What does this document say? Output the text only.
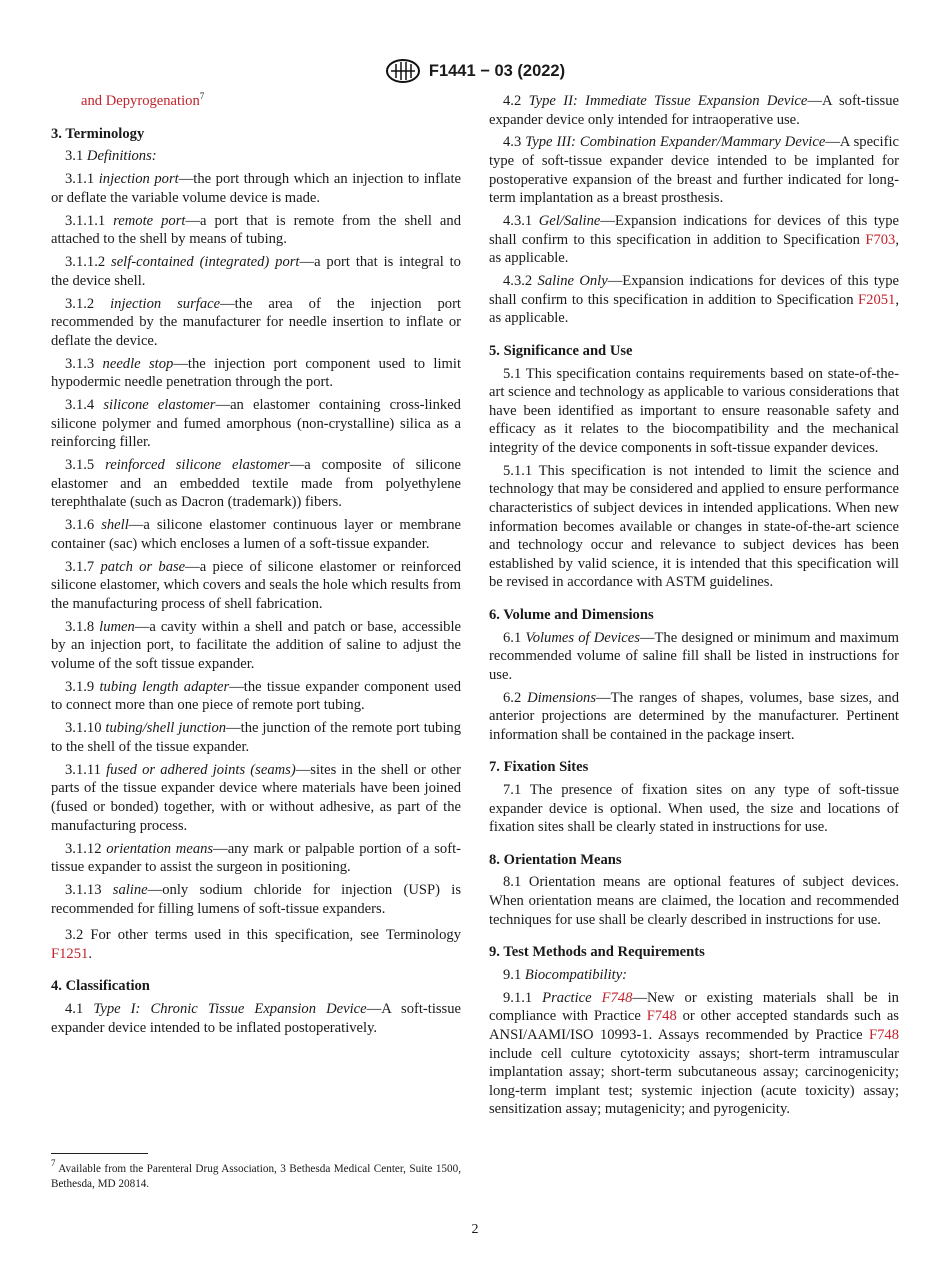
F1441 − 03 (2022)

and Depyrogenation$^7$

3. Terminology

3.1 Definitions:

3.1.1 injection port—the port through which an injection to inflate or deflate the variable volume device is made.

3.1.1.1 remote port—a port that is remote from the shell and attached to the shell by means of tubing.

3.1.1.2 self-contained (integrated) port—a port that is integral to the device shell.

3.1.2 injection surface—the area of the injection port recommended by the manufacturer for needle insertion to inflate or deflate the device.

3.1.3 needle stop—the injection port component used to limit hypodermic needle penetration through the port.

3.1.4 silicone elastomer—an elastomer containing cross-linked silicone polymer and fumed amorphous (non-crystalline) silica as a reinforcing filler.

3.1.5 reinforced silicone elastomer—a composite of silicone elastomer and an embedded textile made from polyethylene terephthalate (such as Dacron (trademark)) fibers.

3.1.6 shell—a silicone elastomer continuous layer or membrane container (sac) which encloses a lumen of a soft-tissue expander.

3.1.7 patch or base—a piece of silicone elastomer or reinforced silicone elastomer, which covers and seals the hole which results from the manufacturing process of shell fabrication.

3.1.8 lumen—a cavity within a shell and patch or base, accessible by an injection port, to facilitate the addition of saline to adjust the volume of the soft tissue expander.

3.1.9 tubing length adapter—the tissue expander component used to connect more than one piece of remote port tubing.

3.1.10 tubing/shell junction—the junction of the remote port tubing to the shell of the tissue expander.

3.1.11 fused or adhered joints (seams)—sites in the shell or other parts of the tissue expander device where materials have been joined (fused or bonded) together, with or without adhesive, as part of the manufacturing process.

3.1.12 orientation means—any mark or palpable portion of a soft-tissue expander to assist the surgeon in positioning.

3.1.13 saline—only sodium chloride for injection (USP) is recommended for filling lumens of soft-tissue expanders.

3.2 For other terms used in this specification, see Terminology F1251.

4. Classification

4.1 Type I: Chronic Tissue Expansion Device—A soft-tissue expander device intended to be inflated postoperatively.

$^7$ Available from the Parenteral Drug Association, 3 Bethesda Medical Center, Suite 1500, Bethesda, MD 20814.

4.2 Type II: Immediate Tissue Expansion Device—A soft-tissue expander device only intended for intraoperative use.

4.3 Type III: Combination Expander/Mammary Device—A specific type of soft-tissue expander device intended to be implanted for postoperative expansion of the breast and further indicated for long-term implantation as a breast prosthesis.

4.3.1 Gel/Saline—Expansion indications for devices of this type shall confirm to this specification in addition to Specification F703, as applicable.

4.3.2 Saline Only—Expansion indications for devices of this type shall confirm to this specification in addition to Specification F2051, as applicable.

5. Significance and Use

5.1 This specification contains requirements based on state-of-the-art science and technology as applicable to various considerations that have been identified as important to ensure reasonable safety and efficacy as it relates to the biocompatibility and the mechanical integrity of the device components in soft-tissue expander devices.

5.1.1 This specification is not intended to limit the science and technology that may be considered and applied to ensure performance characteristics of subject devices in intended applications. When new information becomes available or changes in state-of-the-art science and technology occur and relevance to subject devices has been established by valid science, it is intended that this specification will be revised in accordance with ASTM guidelines.

6. Volume and Dimensions

6.1 Volumes of Devices—The designed or minimum and maximum recommended volume of saline fill shall be listed in instructions for use.

6.2 Dimensions—The ranges of shapes, volumes, base sizes, and anterior projections are determined by the manufacturer. Pertinent information shall be contained in the package insert.

7. Fixation Sites

7.1 The presence of fixation sites on any type of soft-tissue expander device is optional. When used, the size and locations of fixation sites shall be clearly stated in instructions for use.

8. Orientation Means

8.1 Orientation means are optional features of subject devices. When orientation means are claimed, the location and recommended techniques for use shall be clearly described in instructions for use.

9. Test Methods and Requirements

9.1 Biocompatibility:

9.1.1 Practice F748—New or existing materials shall be in compliance with Practice F748 or other accepted standards such as ANSI/AAMI/ISO 10993-1. Assays recommended by Practice F748 include cell culture cytotoxicity assays; short-term intramuscular implantation assay; short-term subcutaneous assay; carcinogenicity; long-term implant test; systemic injection (acute toxicity) assay; sensitization assay; mutagenicity; and pyrogenicity.

2
